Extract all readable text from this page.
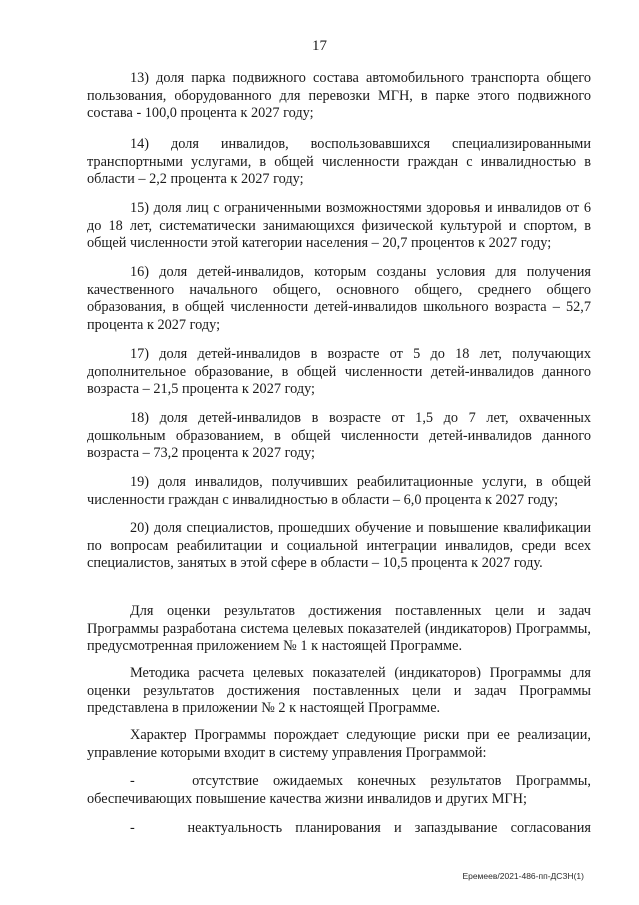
17

13) доля парка подвижного состава автомобильного транспорта общего пользования, оборудованного для перевозки МГН, в парке этого подвижного состава - 100,0 процента к 2027 году;

14) доля инвалидов, воспользовавшихся специализированными транспортными услугами, в общей численности граждан с инвалидностью в области – 2,2 процента к 2027 году;

15) доля лиц с ограниченными возможностями здоровья и инвалидов от 6 до 18 лет, систематически занимающихся физической культурой и спортом, в общей численности этой категории населения – 20,7 процентов к 2027 году;

16) доля детей-инвалидов, которым созданы условия для получения качественного начального общего, основного общего, среднего общего образования, в общей численности детей-инвалидов школьного возраста – 52,7 процента к 2027 году;

17) доля детей-инвалидов в возрасте от 5 до 18 лет, получающих дополнительное образование, в общей численности детей-инвалидов данного возраста – 21,5 процента к 2027 году;

18) доля детей-инвалидов в возрасте от 1,5 до 7 лет, охваченных дошкольным образованием, в общей численности детей-инвалидов данного возраста – 73,2 процента к 2027 году;

19) доля инвалидов, получивших реабилитационные услуги, в общей численности граждан с инвалидностью в области – 6,0 процента к 2027 году;

20) доля специалистов, прошедших обучение и повышение квалификации по вопросам реабилитации и социальной интеграции инвалидов, среди всех специалистов, занятых в этой сфере в области – 10,5 процента к 2027 году.

Для оценки результатов достижения поставленных цели и задач Программы разработана система целевых показателей (индикаторов) Программы, предусмотренная приложением № 1 к настоящей Программе.

Методика расчета целевых показателей (индикаторов) Программы для оценки результатов достижения поставленных цели и задач Программы представлена в приложении № 2 к настоящей Программе.

Характер Программы порождает следующие риски при ее реализации, управление которыми входит в систему управления Программой:

-    отсутствие ожидаемых конечных результатов Программы, обеспечивающих повышение качества жизни инвалидов и других МГН;

-    неактуальность планирования и запаздывание согласования

Еремеев/2021-486-пп-ДСЗН(1)
